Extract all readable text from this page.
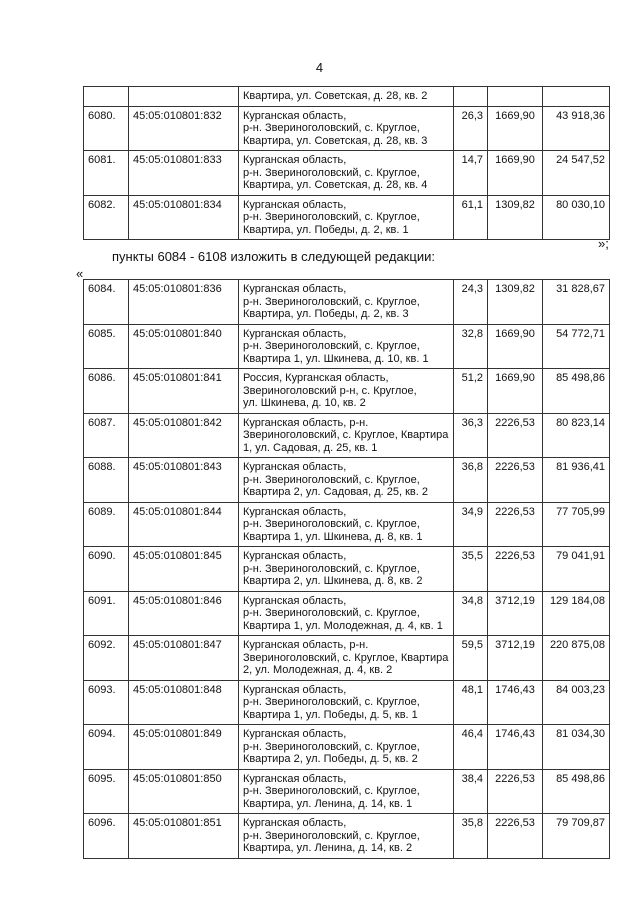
4
		Квартира, ул. Советская, д. 28, кв. 2			
6080.	45:05:010801:832	Курганская область,
р-н. Звериноголовский, с. Круглое,
Квартира, ул. Советская, д. 28, кв. 3	26,3	1669,90	43 918,36
6081.	45:05:010801:833	Курганская область,
р-н. Звериноголовский, с. Круглое,
Квартира, ул. Советская, д. 28, кв. 4	14,7	1669,90	24 547,52
6082.	45:05:010801:834	Курганская область,
р-н. Звериноголовский, с. Круглое,
Квартира, ул. Победы, д. 2, кв. 1	61,1	1309,82	80 030,10
»;
пункты 6084 - 6108 изложить в следующей редакции:
«
6084.	45:05:010801:836	Курганская область,
р-н. Звериноголовский, с. Круглое,
Квартира, ул. Победы, д. 2, кв. 3	24,3	1309,82	31 828,67
6085.	45:05:010801:840	Курганская область,
р-н. Звериноголовский, с. Круглое,
Квартира 1, ул. Шкинева, д. 10, кв. 1	32,8	1669,90	54 772,71
6086.	45:05:010801:841	Россия, Курганская область,
Звериноголовский р-н, с. Круглое,
ул. Шкинева, д. 10, кв. 2	51,2	1669,90	85 498,86
6087.	45:05:010801:842	Курганская область, р-н.
Звериноголовский, с. Круглое, Квартира
1, ул. Садовая, д. 25, кв. 1	36,3	2226,53	80 823,14
6088.	45:05:010801:843	Курганская область,
р-н. Звериноголовский, с. Круглое,
Квартира 2, ул. Садовая, д. 25, кв. 2	36,8	2226,53	81 936,41
6089.	45:05:010801:844	Курганская область,
р-н. Звериноголовский, с. Круглое,
Квартира 1, ул. Шкинева, д. 8, кв. 1	34,9	2226,53	77 705,99
6090.	45:05:010801:845	Курганская область,
р-н. Звериноголовский, с. Круглое,
Квартира 2, ул. Шкинева, д. 8, кв. 2	35,5	2226,53	79 041,91
6091.	45:05:010801:846	Курганская область,
р-н. Звериноголовский, с. Круглое,
Квартира 1, ул. Молодежная, д. 4, кв. 1	34,8	3712,19	129 184,08
6092.	45:05:010801:847	Курганская область, р-н.
Звериноголовский, с. Круглое, Квартира
2, ул. Молодежная, д. 4, кв. 2	59,5	3712,19	220 875,08
6093.	45:05:010801:848	Курганская область,
р-н. Звериноголовский, с. Круглое,
Квартира 1, ул. Победы, д. 5, кв. 1	48,1	1746,43	84 003,23
6094.	45:05:010801:849	Курганская область,
р-н. Звериноголовский, с. Круглое,
Квартира 2, ул. Победы, д. 5, кв. 2	46,4	1746,43	81 034,30
6095.	45:05:010801:850	Курганская область,
р-н. Звериноголовский, с. Круглое,
Квартира, ул. Ленина, д. 14, кв. 1	38,4	2226,53	85 498,86
6096.	45:05:010801:851	Курганская область,
р-н. Звериноголовский, с. Круглое,
Квартира, ул. Ленина, д. 14, кв. 2	35,8	2226,53	79 709,87
